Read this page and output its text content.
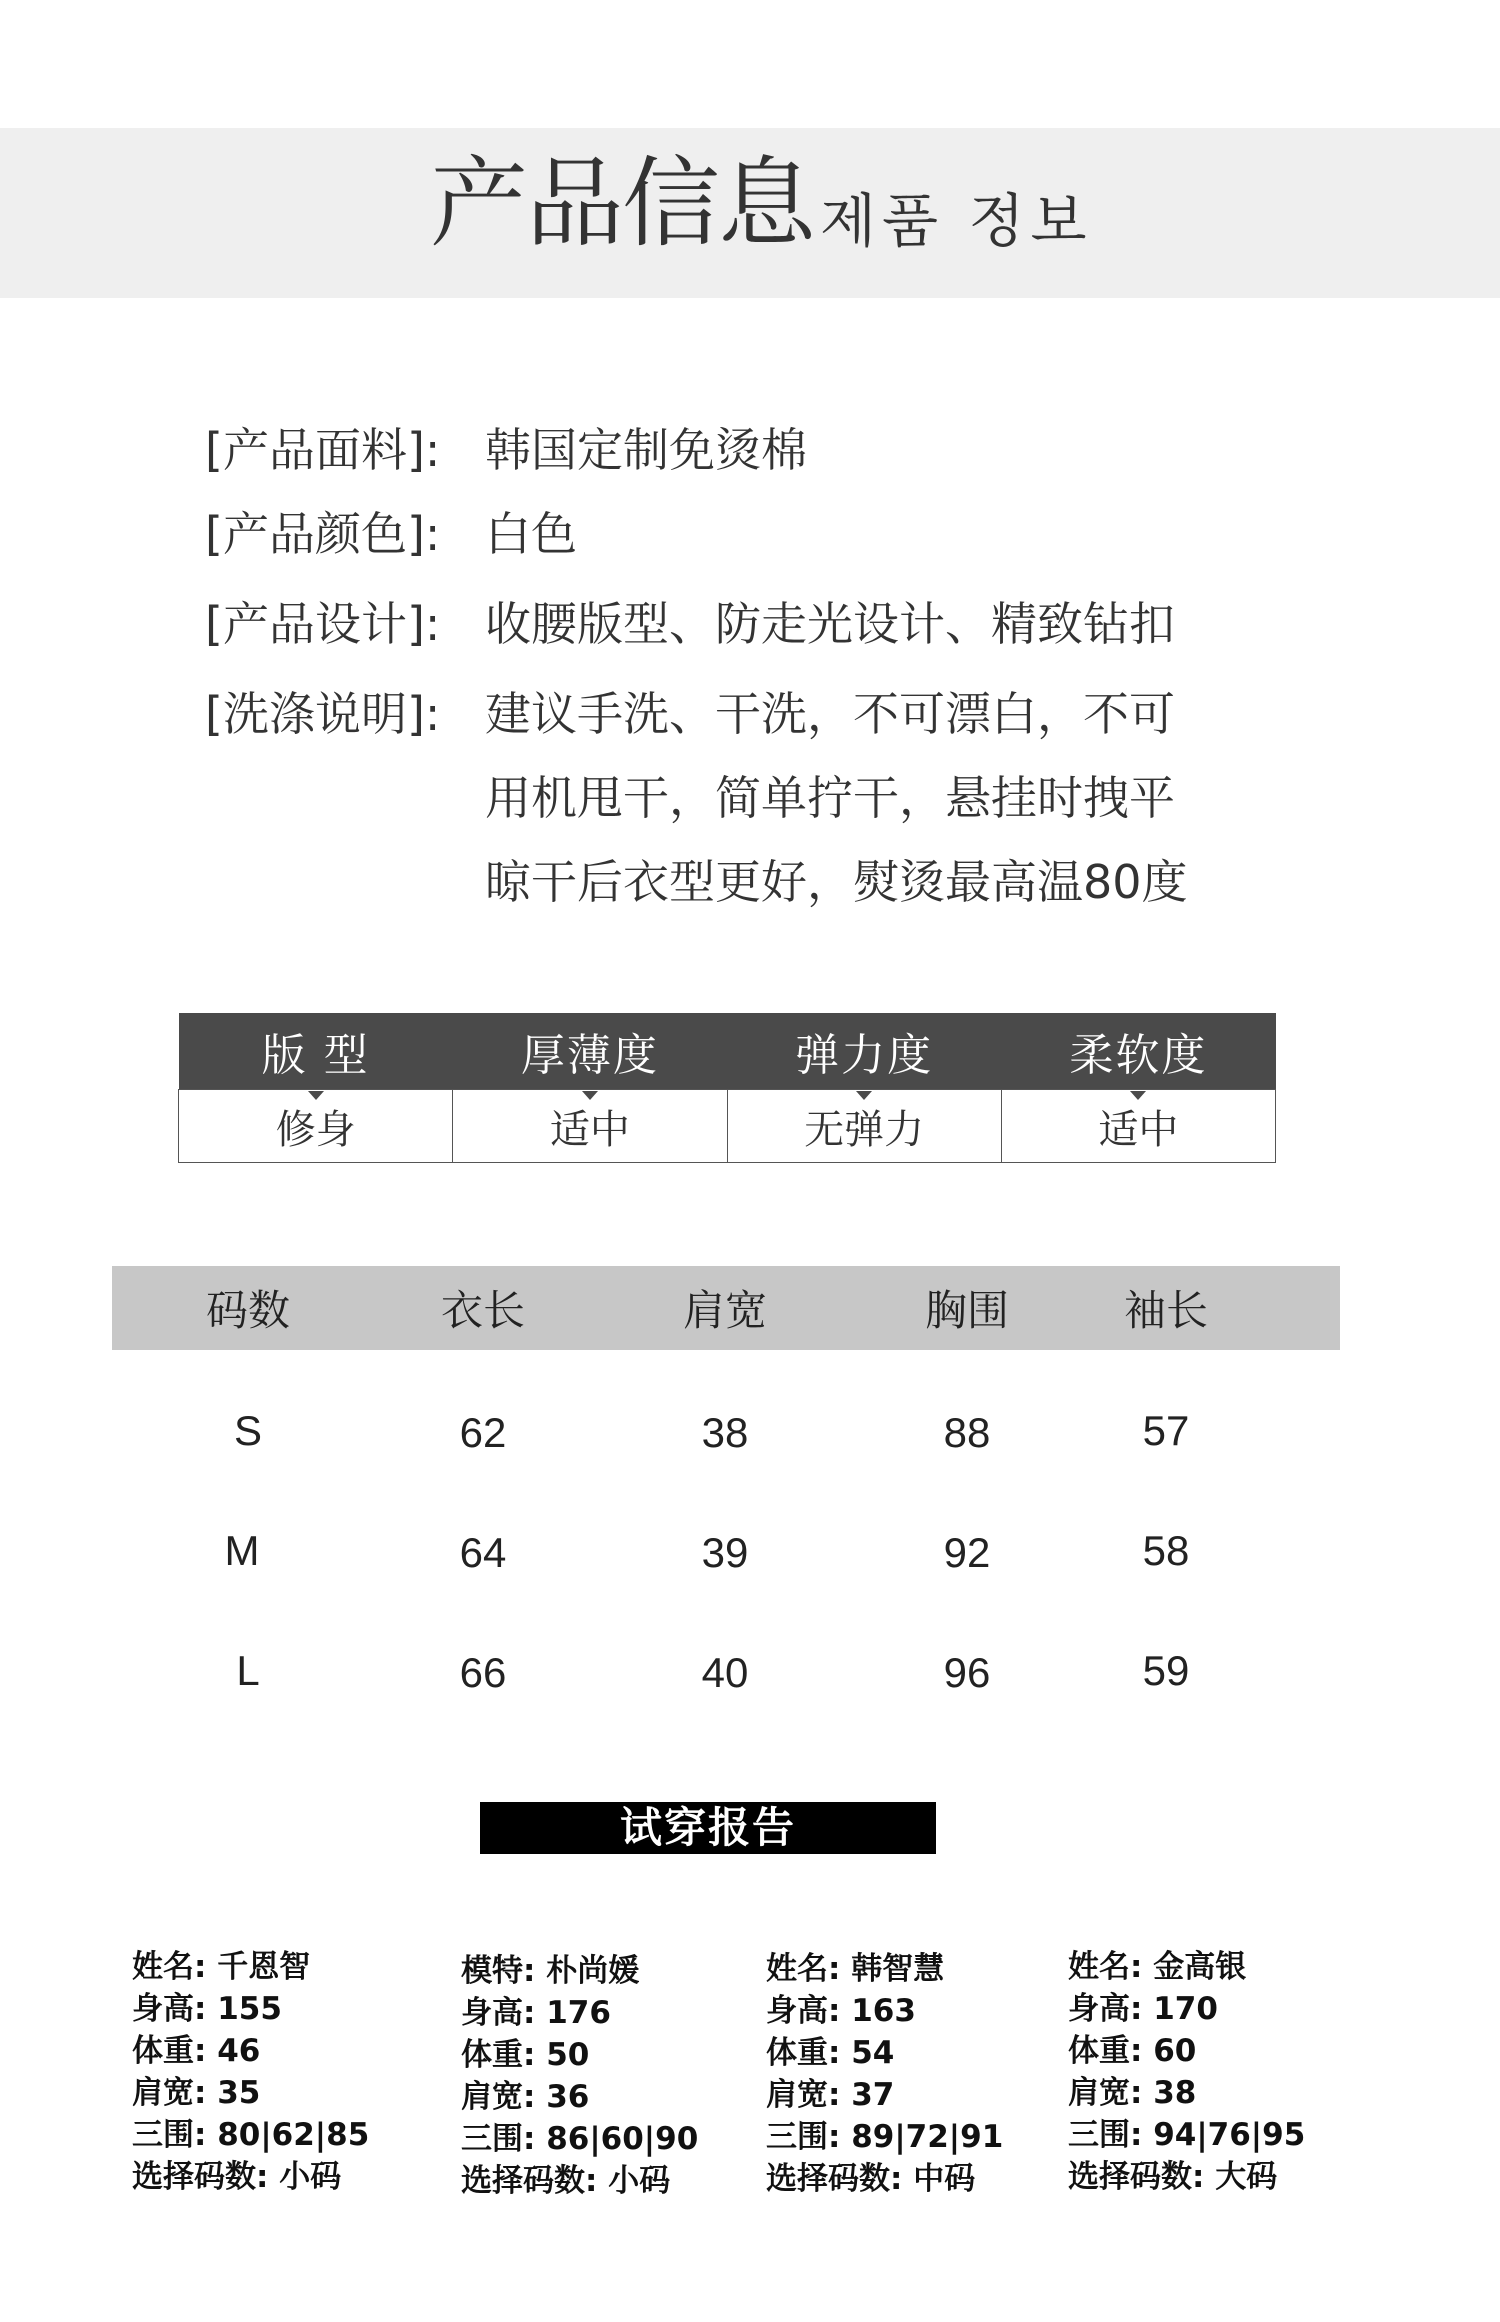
产品信息 제품 정보
[产品面料]: 韩国定制免烫棉
[产品颜色]: 白色
[产品设计]: 收腰版型、防走光设计、精致钻扣
[洗涤说明]: 建议手洗、干洗，不可漂白，不可
用机甩干，简单拧干，悬挂时拽平
晾干后衣型更好，熨烫最高温80度
版 型	厚薄度	弹力度	柔软度

修身	适中	无弹力	适中
码数	衣长	肩宽	胸围	袖长
S	62	38	88	57
M	64	39	92	58
L	66	40	96	59
试穿报告
姓名: 千恩智
身高: 155
体重: 46
肩宽: 35
三围: 80|62|85
选择码数: 小码
模特: 朴尚媛
身高: 176
体重: 50
肩宽: 36
三围: 86|60|90
选择码数: 小码
姓名: 韩智慧
身高: 163
体重: 54
肩宽: 37
三围: 89|72|91
选择码数: 中码
姓名: 金高银
身高: 170
体重: 60
肩宽: 38
三围: 94|76|95
选择码数: 大码
